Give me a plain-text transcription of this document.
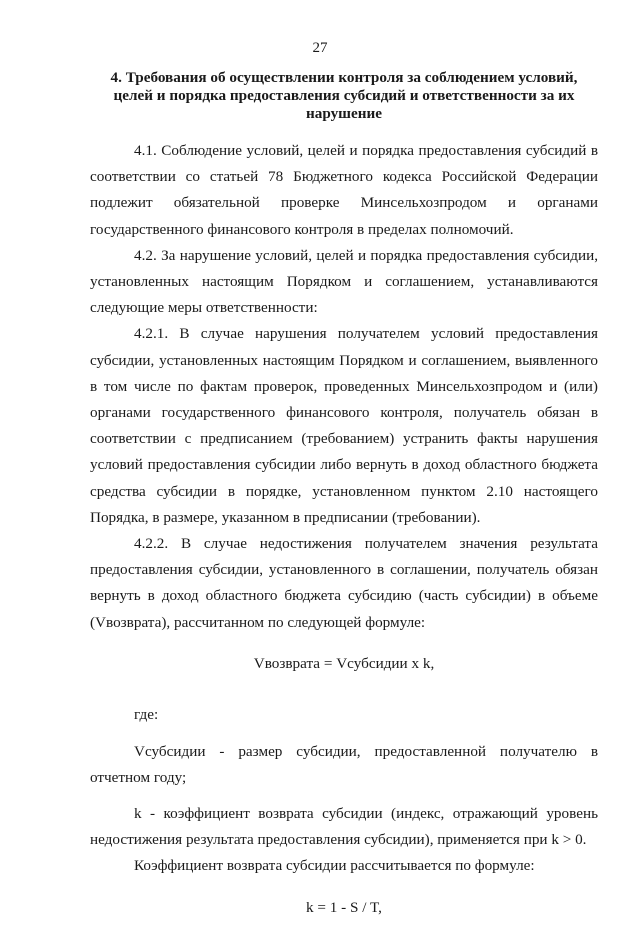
27
4. Требования об осуществлении контроля за соблюдением условий, целей и порядка предоставления субсидий и ответственности за их нарушение

4.1. Соблюдение условий, целей и порядка предоставления субсидий в соответствии со статьей 78 Бюджетного кодекса Российской Федерации подлежит обязательной проверке Минсельхозпродом и органами государственного финансового контроля в пределах полномочий.

4.2. За нарушение условий, целей и порядка предоставления субсидии, установленных настоящим Порядком и соглашением, устанавливаются следующие меры ответственности:

4.2.1. В случае нарушения получателем условий предоставления субсидии, установленных настоящим Порядком и соглашением, выявленного в том числе по фактам проверок, проведенных Минсельхозпродом и (или) органами государственного финансового контроля, получатель обязан в соответствии с предписанием (требованием) устранить факты нарушения условий предоставления субсидии либо вернуть в доход областного бюджета средства субсидии в порядке, установленном пунктом 2.10 настоящего Порядка, в размере, указанном в предписании (требовании).

4.2.2. В случае недостижения получателем значения результата предоставления субсидии, установленного в соглашении, получатель обязан вернуть в доход областного бюджета субсидию (часть субсидии) в объеме (Vвозврата), рассчитанном по следующей формуле:

Vвозврата = Vсубсидии x k,

где:

Vсубсидии - размер субсидии, предоставленной получателю в отчетном году;

k - коэффициент возврата субсидии (индекс, отражающий уровень недостижения результата предоставления субсидии), применяется при k > 0.

Коэффициент возврата субсидии рассчитывается по формуле:

k = 1 - S / T,
